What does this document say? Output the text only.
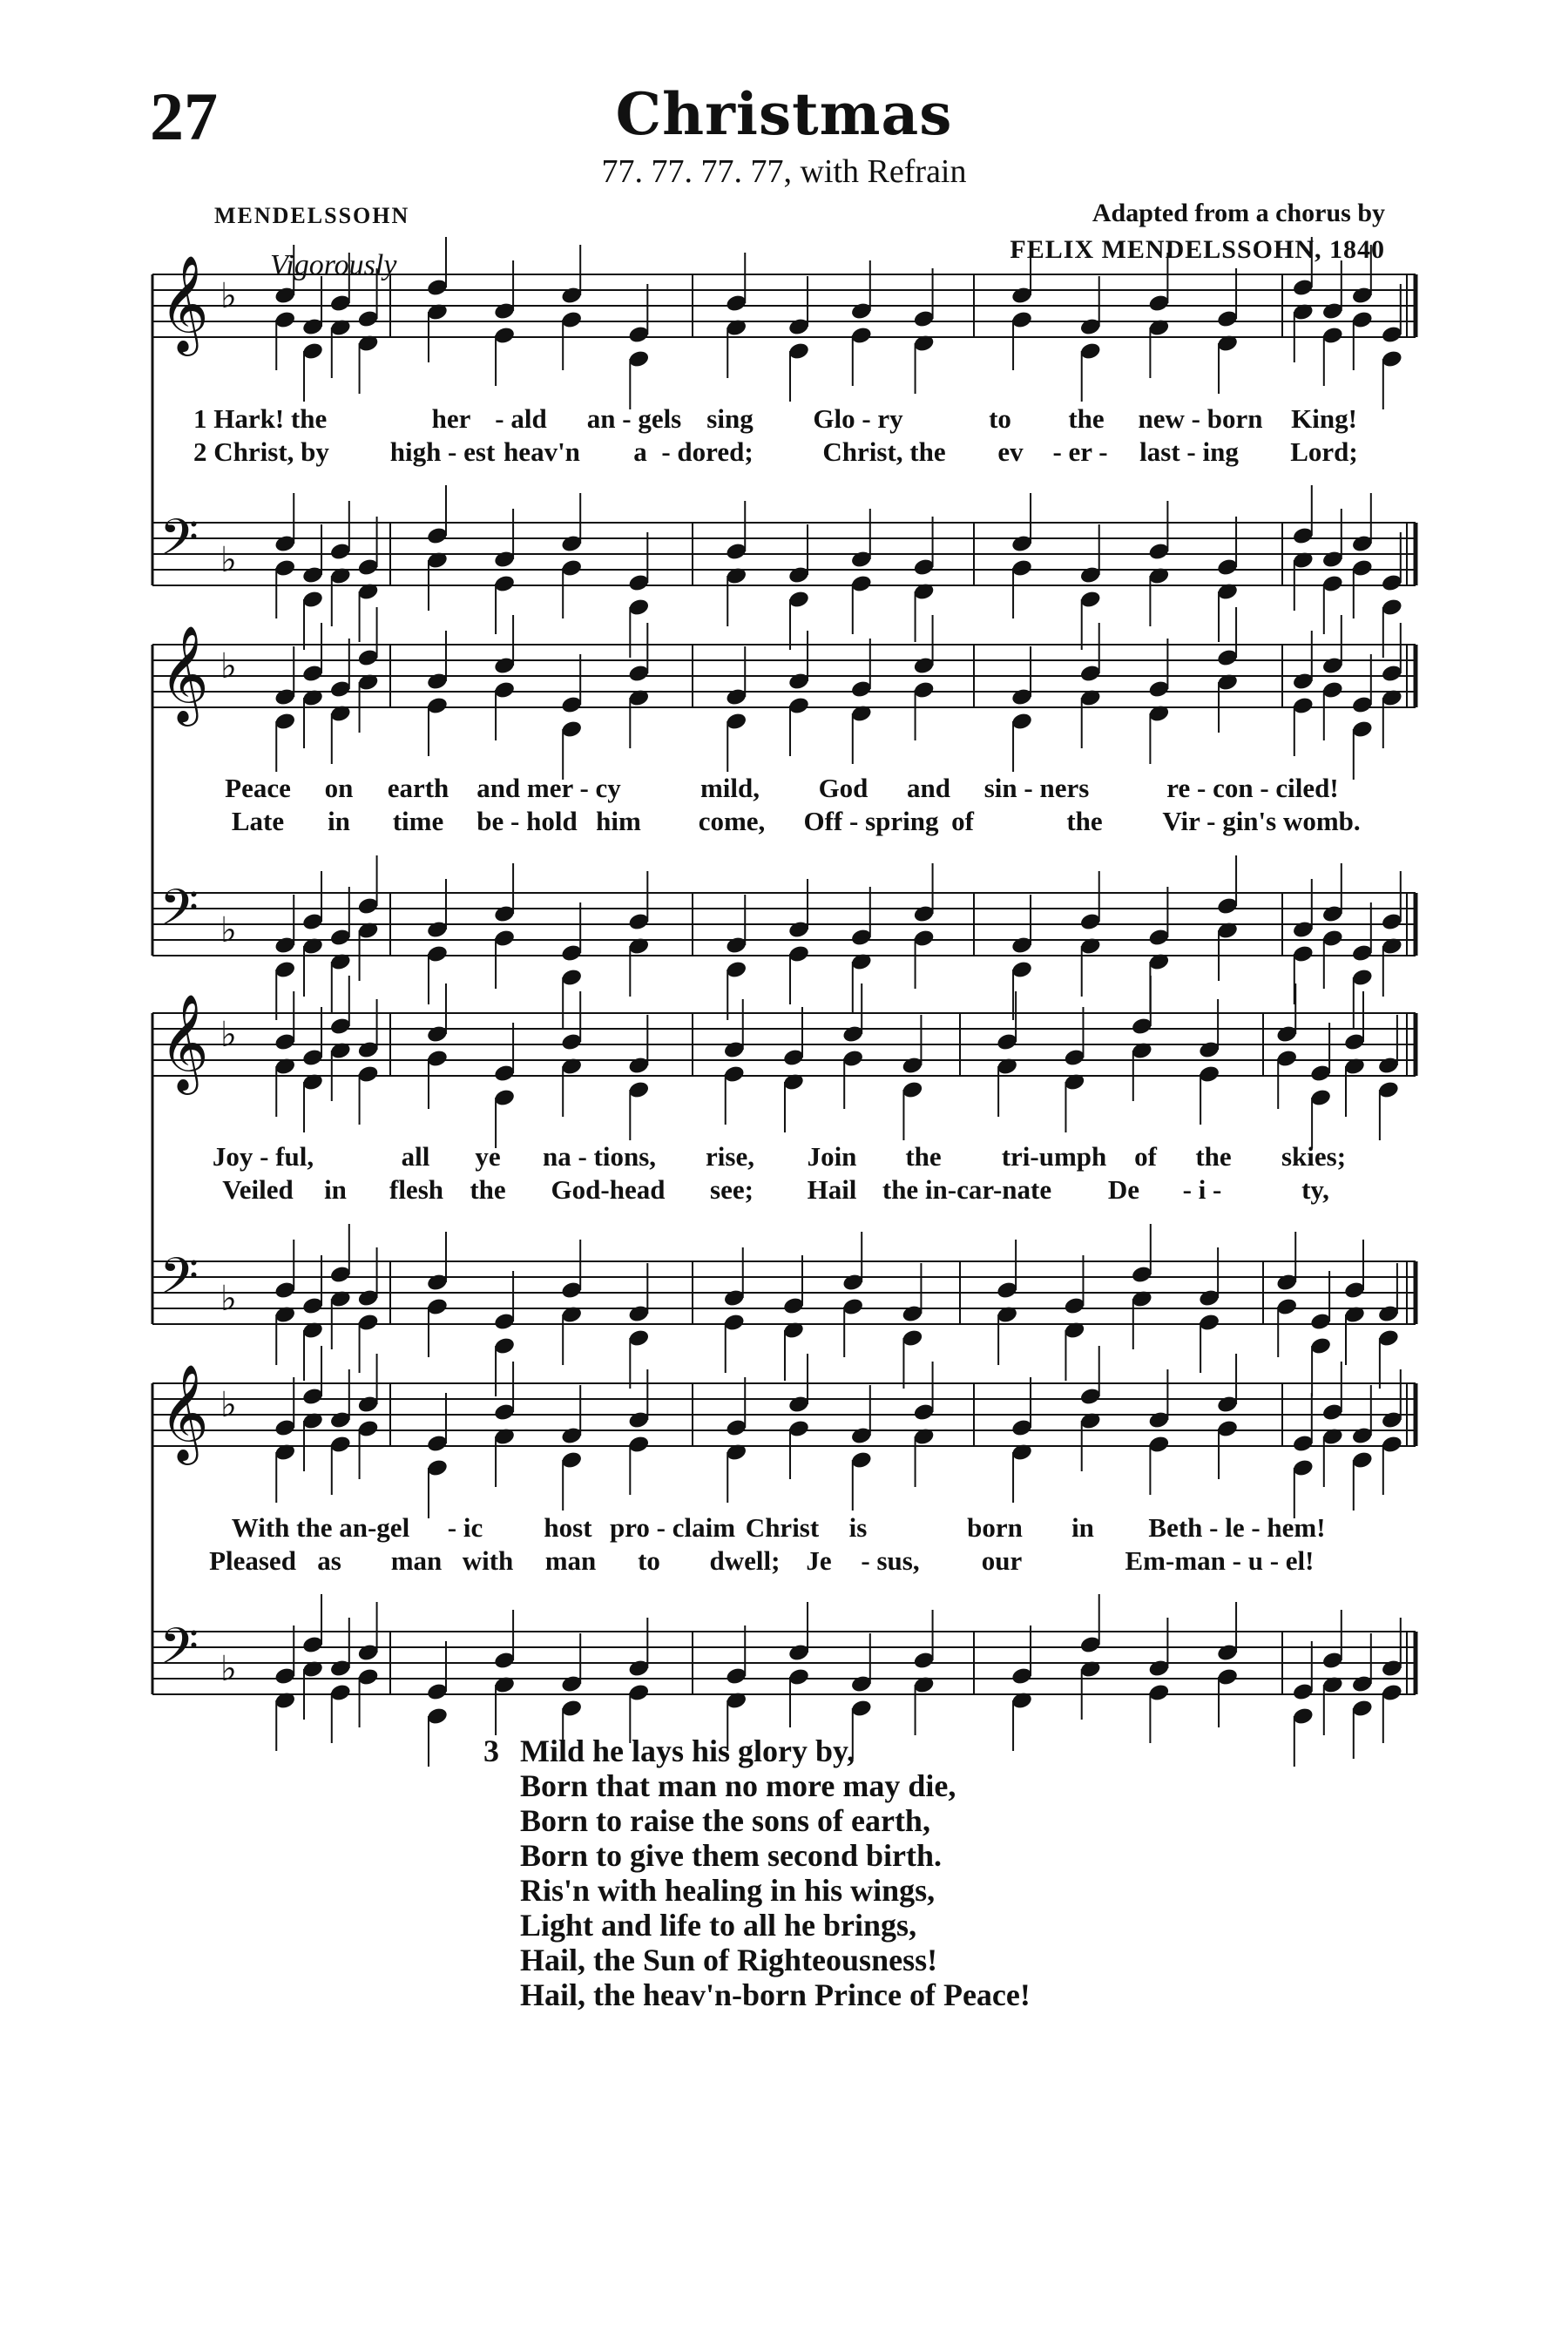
27	Christmas
77. 77. 77. 77, with Refrain
MENDELSSOHN	Adapted from a chorus by
FELIX MENDELSSOHN, 1840
Vigorously
𝄞 ♭
𝄢 ♭
𝄞 ♭
𝄢 ♭
𝄞 ♭
𝄢 ♭
𝄞 ♭
𝄢 ♭
1 Hark! the	her - ald an - gels sing Glo - ry	to the new - born King!
2 Christ, by high - est heav'n a - dored;	Christ, the ev - er - last - ing Lord;
Peace on earth and mer - cy	mild, God and sin - ners	re - con - ciled!
Late in time be - hold him come, Off - spring of	the Vir - gin's womb.
Joy - ful,	all ye na - tions, rise, Join the tri-umph of the skies;
Veiled in flesh the God-head see; Hail the in-car-nate De - i -	ty,
With the an-gel - ic host pro - claim Christ is	born in Beth - le - hem!
Pleased as man with man to dwell; Je - sus, our	Em-man - u - el!
3 Mild he lays his glory by,
Born that man no more may die,
Born to raise the sons of earth,
Born to give them second birth.
Ris'n with healing in his wings,
Light and life to all he brings,
Hail, the Sun of Righteousness!
Hail, the heav'n-born Prince of Peace!
